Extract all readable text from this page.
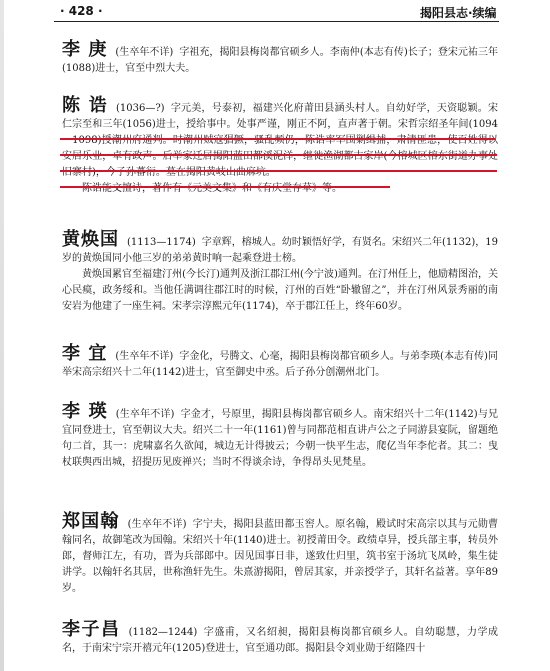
· 428 ·	揭阳县志·续编

李 庚 (生卒年不详) 字祖充，揭阳县梅岗都官硕乡人。李南仲(本志有传)长子；登宋元祐三年(1088)进士，官至中烈大夫。

陈 诰 (1036—?) 字元美，号泰初，福建兴化府莆田县涵头村人。自幼好学，天资聪颖。宋仁宗至和三年(1056)进士，授给事中。处事严谨，刚正不阿，直声著于朝。宋哲宗绍圣年间(1094～1098)授潮州府通判。时潮州贼寇猖獗，骚乱频仍，陈诰率军围剿缉捕，肃清匪患，使百姓得以安居乐业，卓有政声。后举家迁居揭阳蓝田都溪泥洋，继徙渔湖都古家岸(今榕城区榕东街道办事处旧寨村)，今子孙蕃衍。墓在揭阳黄岐山曲麻坑。

陈诰能文擅诗，著作有《元美文集》和《有庆堂存草》等。

黄焕国 (1113—1174) 字章辉，榕城人。幼时颖悟好学，有贤名。宋绍兴二年(1132)，19岁的黄焕国同小他三岁的弟弟黄时响一起乘登进士榜。

黄焕国累官至福建汀州(今长汀)通判及浙江郡江州(今宁波)通判。在汀州任上，他励精图治，关心民瘼，政务绥和。当他任满调往郡江时的时候，汀州的百姓“卧辙留之”，并在汀州风景秀丽的南安岩为他建了一座生祠。宋孝宗淳熙元年(1174)，卒于郡江任上，终年60岁。

李 宜 (生卒年不详) 字金化，号腾文、心毫，揭阳县梅岗都官硕乡人。与弟李瑛(本志有传)同举宋高宗绍兴十二年(1142)进士，官至御史中丞。后子孙分创潮州北门。

李 瑛 (生卒年不详) 字金才，号原里，揭阳县梅岗都官硕乡人。南宋绍兴十二年(1142)与兄宜同登进士，官至朝议大夫。绍兴二十一年(1161)曾与同都范相直讲卢公之子同游县宴阮，留题绝句二首，其一：虎啸嘉名久欲闻，城边无计得披云；今朝一快平生志，爬亿当年李佗者。其二：曳杖联舆西出城，招提历见废禅兴；当时不得谈余诗，争得昂头见梵星。

郑国翰 (生卒年不详) 字宁夫，揭阳县蓝田都玉窖人。原名翰，殿试时宋高宗以其与元勋曹翰同名，故御笔改为国翰。宋绍兴十年(1140)进士。初授莆田令。政绩卓异，授兵部主事，转员外郎，督师江左，有功，晋为兵部郎中。因见国事日非，遂致仕归里，筑书室于汤坑飞凤岭，集生徒讲学。以翰轩名其居，世称渔轩先生。朱熹游揭阳，曾居其家，并亲授学子，其轩名益著。享年89岁。

李子昌 (1182—1244) 字盛甫，又名绍昶，揭阳县梅岗都官硕乡人。自幼聪慧，力学成名，于南宋宁宗开禧元年(1205)登进士，官至通功郎。揭阳县令刘业勋于绍隆四十
